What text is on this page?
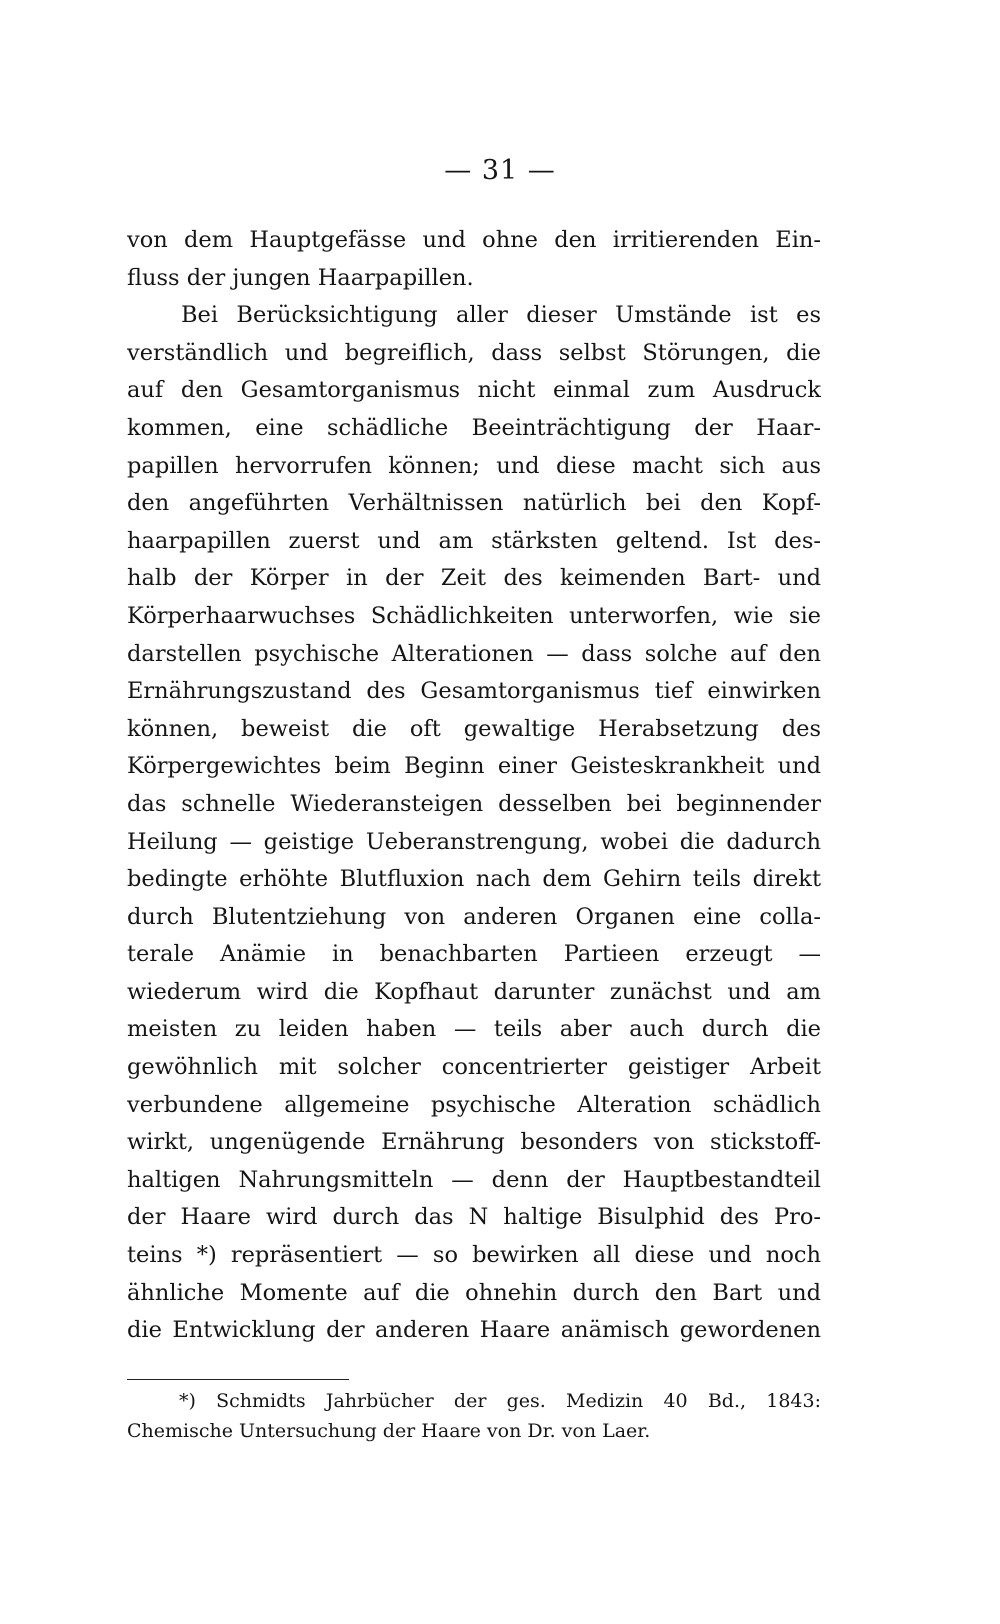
— 31 —
von dem Hauptgefässe und ohne den irritierenden Ein-
fluss der jungen Haarpapillen.
Bei Berücksichtigung aller dieser Umstände ist es
verständlich und begreiflich, dass selbst Störungen, die
auf den Gesamtorganismus nicht einmal zum Ausdruck
kommen, eine schädliche Beeinträchtigung der Haar-
papillen hervorrufen können; und diese macht sich aus
den angeführten Verhältnissen natürlich bei den Kopf-
haarpapillen zuerst und am stärksten geltend. Ist des-
halb der Körper in der Zeit des keimenden Bart- und
Körperhaarwuchses Schädlichkeiten unterworfen, wie sie
darstellen psychische Alterationen — dass solche auf den
Ernährungszustand des Gesamtorganismus tief einwirken
können, beweist die oft gewaltige Herabsetzung des
Körpergewichtes beim Beginn einer Geisteskrankheit und
das schnelle Wiederansteigen desselben bei beginnender
Heilung — geistige Ueberanstrengung, wobei die dadurch
bedingte erhöhte Blutfluxion nach dem Gehirn teils direkt
durch Blutentziehung von anderen Organen eine colla-
terale Anämie in benachbarten Partieen erzeugt —
wiederum wird die Kopfhaut darunter zunächst und am
meisten zu leiden haben — teils aber auch durch die
gewöhnlich mit solcher concentrierter geistiger Arbeit
verbundene allgemeine psychische Alteration schädlich
wirkt, ungenügende Ernährung besonders von stickstoff-
haltigen Nahrungsmitteln — denn der Hauptbestandteil
der Haare wird durch das N haltige Bisulphid des Pro-
teins *) repräsentiert — so bewirken all diese und noch
ähnliche Momente auf die ohnehin durch den Bart und
die Entwicklung der anderen Haare anämisch gewordenen
*) Schmidts Jahrbücher der ges. Medizin 40 Bd., 1843:
Chemische Untersuchung der Haare von Dr. von Laer.
